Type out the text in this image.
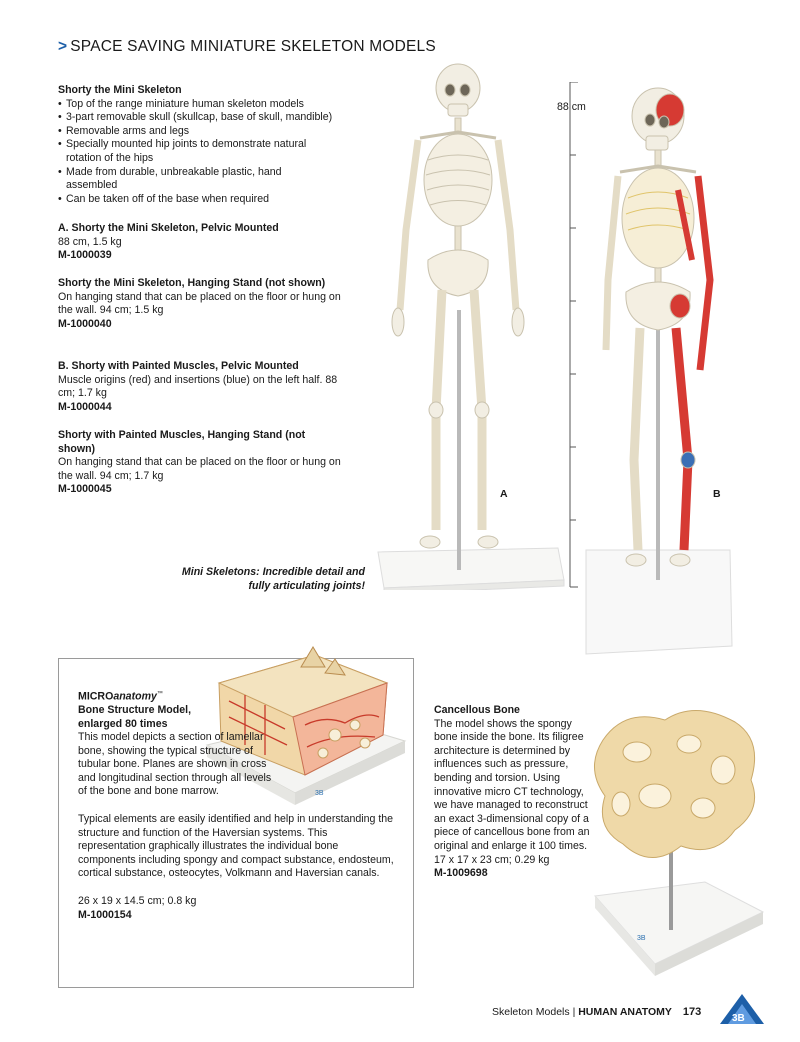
> SPACE SAVING MINIATURE SKELETON MODELS
Shorty the Mini Skeleton
• Top of the range miniature human skeleton models
• 3-part removable skull (skullcap, base of skull, mandible)
• Removable arms and legs
• Specially mounted hip joints to demonstrate natural rotation of the hips
• Made from durable, unbreakable plastic, hand assembled
• Can be taken off of the base when required
A. Shorty the Mini Skeleton, Pelvic Mounted
88 cm, 1.5 kg
M-1000039
Shorty the Mini Skeleton, Hanging Stand (not shown)
On hanging stand that can be placed on the floor or hung on the wall. 94 cm; 1.5 kg
M-1000040
B. Shorty with Painted Muscles, Pelvic Mounted
Muscle origins (red) and insertions (blue) on the left half. 88 cm; 1.7 kg
M-1000044
Shorty with Painted Muscles, Hanging Stand (not shown)
On hanging stand that can be placed on the floor or hung on the wall. 94 cm; 1.7 kg
M-1000045
Mini Skeletons: Incredible detail and fully articulating joints!
A
88 cm
B
3B
MICROanatomy™
Bone Structure Model, enlarged 80 times
This model depicts a section of lamellar bone, showing the typical structure of tubular bone. Planes are shown in cross and longitudinal section through all levels of the bone and bone marrow.
Typical elements are easily identified and help in understanding the structure and function of the Haversian systems. This representation graphically illustrates the individual bone components including spongy and compact substance, endosteum, cortical substance, osteocytes, Volkmann and Haversian canals.
26 x 19 x 14.5 cm; 0.8 kg
M-1000154
Cancellous Bone
The model shows the spongy bone inside the bone. Its filigree architecture is determined by influences such as pressure, bending and torsion. Using innovative micro CT technology, we have managed to reconstruct an exact 3-dimensional copy of a piece of cancellous bone from an original and enlarge it 100 times.
17 x 17 x 23 cm; 0.29 kg
M-1009698
3B
Skeleton Models | HUMAN ANATOMY 173
3B
